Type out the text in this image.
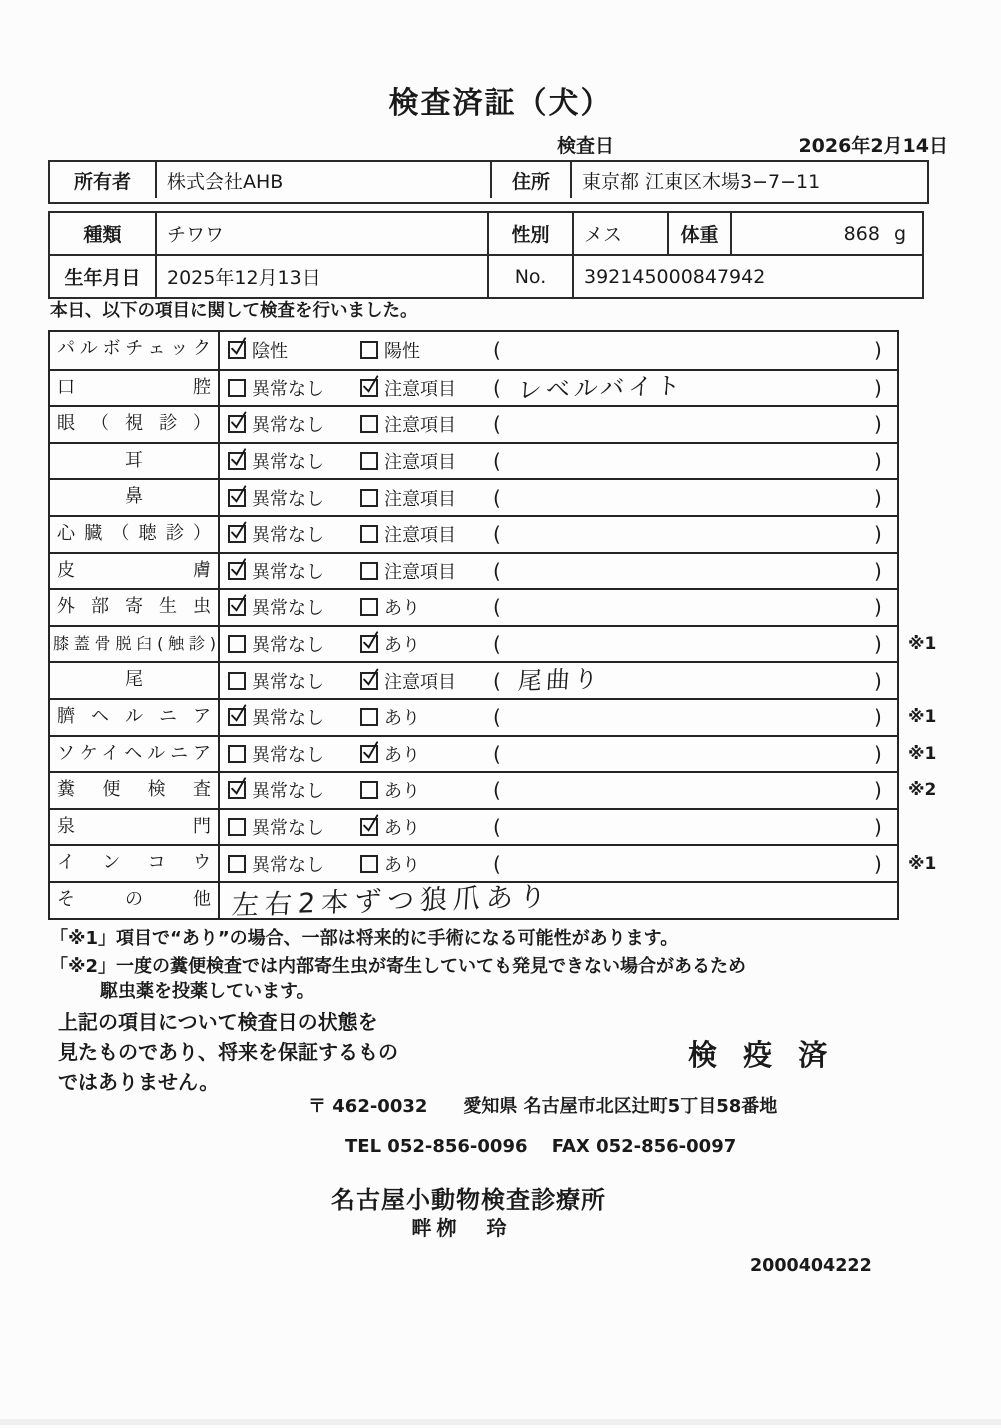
検査済証（犬）
検査日	2026年2月14日
所有者	株式会社AHB	住所	東京都 江東区木場3−7−11
種類	チワワ	性別	メス	体重	868 g
生年月日	2025年12月13日	No.	392145000847942
本日、以下の項目に関して検査を行いました。
パルボチェック	陰性	陽性	(	)
口腔	異常なし	注意項目 ( レベルバイト	)
眼（視診）	異常なし	注意項目 (	)
耳	異常なし	注意項目 (	)
鼻	異常なし	注意項目 (	)
心臓（聴診）	異常なし	注意項目 (	)
皮膚	異常なし	注意項目 (	)
外部寄生虫	異常なし	あり	(	)
膝蓋骨脱臼(触診) 異常なし	あり	(	) ※1
尾	異常なし	注意項目 ( 尾曲り	)
臍ヘルニア	異常なし	あり	(	) ※1
ソケイヘルニア	異常なし	あり	(	) ※1
糞便検査	異常なし	あり	(	) ※2
泉門	異常なし	あり	(	)
インコウ	異常なし	あり	(	) ※1
その他 左右2本ずつ狼爪あり
「※1」項目で“あり”の場合、一部は将来的に手術になる可能性があります。
「※2」一度の糞便検査では内部寄生虫が寄生していても発見できない場合があるため
駆虫薬を投薬しています。
上記の項目について検査日の状態を
見たものであり、将来を保証するもの
ではありません。
検 疫 済
〒 462-0032　　愛知県 名古屋市北区辻町5丁目58番地
TEL 052-856-0096　 FAX 052-856-0097
名古屋小動物検査診療所
畔栁　玲
2000404222
